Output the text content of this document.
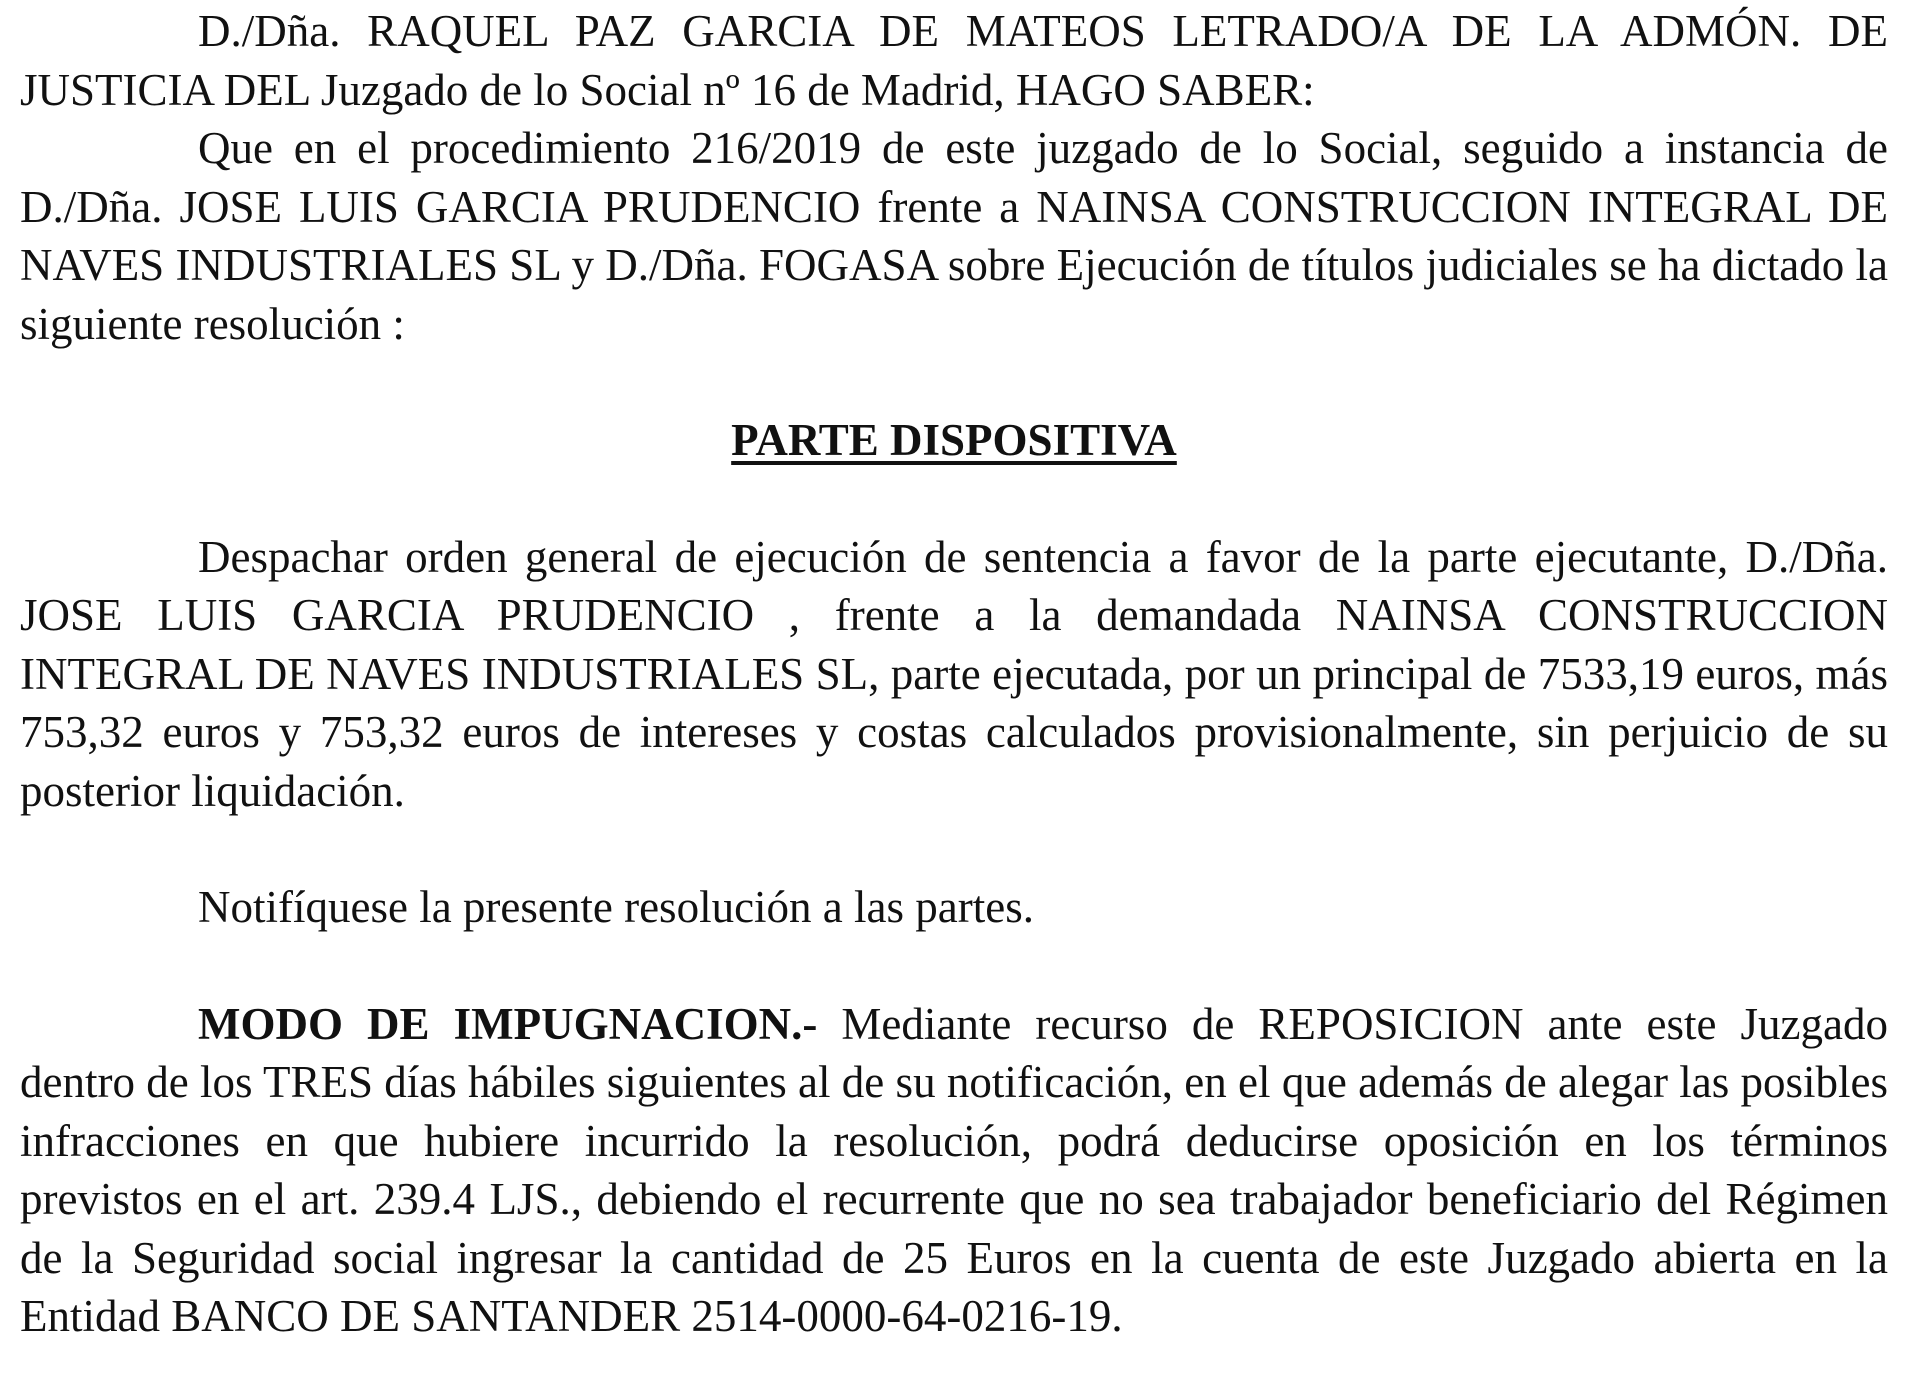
D./Dña. RAQUEL PAZ GARCIA DE MATEOS LETRADO/A DE LA ADMÓN. DE JUSTICIA DEL Juzgado de lo Social nº 16 de Madrid, HAGO SABER:

Que en el procedimiento 216/2019 de este juzgado de lo Social, seguido a instancia de D./Dña. JOSE LUIS GARCIA PRUDENCIO frente a NAINSA CONSTRUCCION INTEGRAL DE NAVES INDUSTRIALES SL y D./Dña. FOGASA sobre Ejecución de títulos judiciales se ha dictado la siguiente resolución :

PARTE DISPOSITIVA

Despachar orden general de ejecución de sentencia a favor de la parte ejecutante, D./Dña. JOSE LUIS GARCIA PRUDENCIO , frente a la demandada NAINSA CONSTRUCCION INTEGRAL DE NAVES INDUSTRIALES SL, parte ejecutada, por un principal de 7533,19 euros, más 753,32 euros y 753,32 euros de intereses y costas calculados provisionalmente, sin perjuicio de su posterior liquidación.

Notifíquese la presente resolución a las partes.

MODO DE IMPUGNACION.- Mediante recurso de REPOSICION ante este Juzgado dentro de los TRES días hábiles siguientes al de su notificación, en el que además de alegar las posibles infracciones en que hubiere incurrido la resolución, podrá deducirse oposición en los términos previstos en el art. 239.4 LJS., debiendo el recurrente que no sea trabajador beneficiario del Régimen de la Seguridad social ingresar la cantidad de 25 Euros en la cuenta de este Juzgado abierta en la Entidad BANCO DE SANTANDER 2514-0000-64-0216-19.
